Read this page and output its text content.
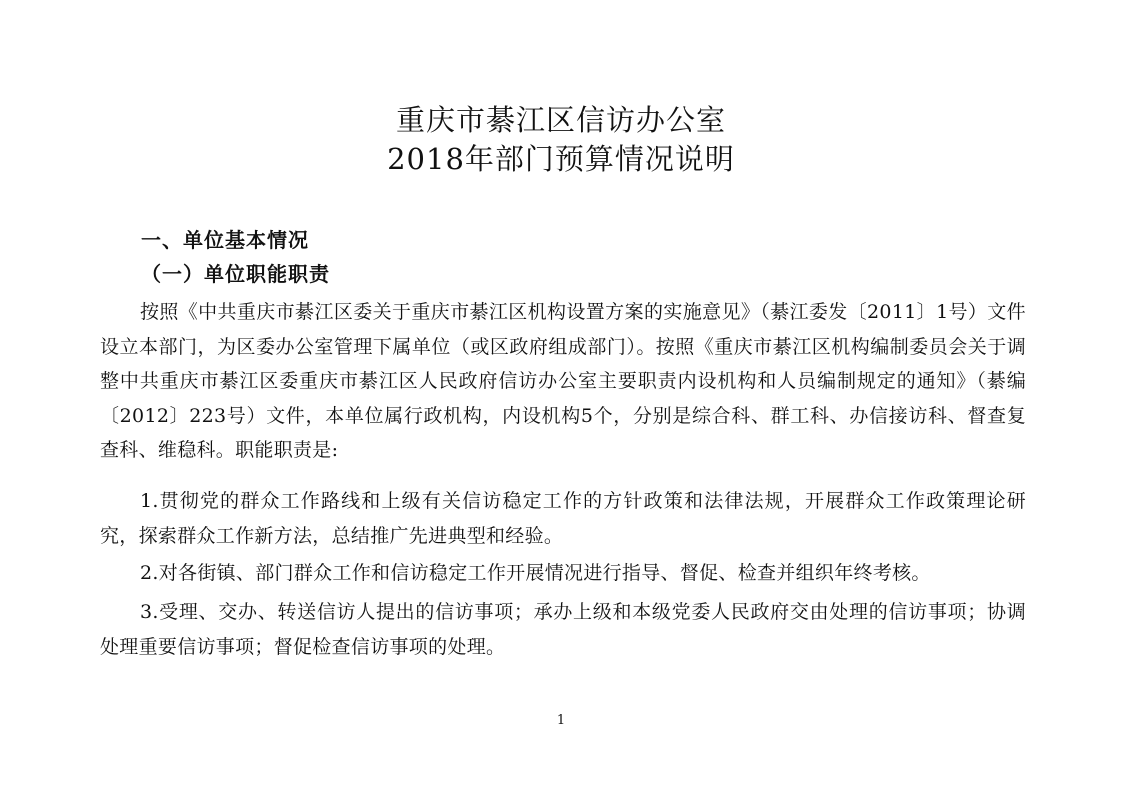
重庆市綦江区信访办公室
2018年部门预算情况说明
一、单位基本情况
（一）单位职能职责
按照《中共重庆市綦江区委关于重庆市綦江区机构设置方案的实施意见》（綦江委发〔2011〕1号）文件设立本部门，为区委办公室管理下属单位（或区政府组成部门）。按照《重庆市綦江区机构编制委员会关于调整中共重庆市綦江区委重庆市綦江区人民政府信访办公室主要职责内设机构和人员编制规定的通知》（綦编〔2012〕223号）文件，本单位属行政机构，内设机构5个，分别是综合科、群工科、办信接访科、督查复查科、维稳科。职能职责是:
1.贯彻党的群众工作路线和上级有关信访稳定工作的方针政策和法律法规，开展群众工作政策理论研究，探索群众工作新方法，总结推广先进典型和经验。
2.对各街镇、部门群众工作和信访稳定工作开展情况进行指导、督促、检查并组织年终考核。
3.受理、交办、转送信访人提出的信访事项；承办上级和本级党委人民政府交由处理的信访事项；协调处理重要信访事项；督促检查信访事项的处理。
1
